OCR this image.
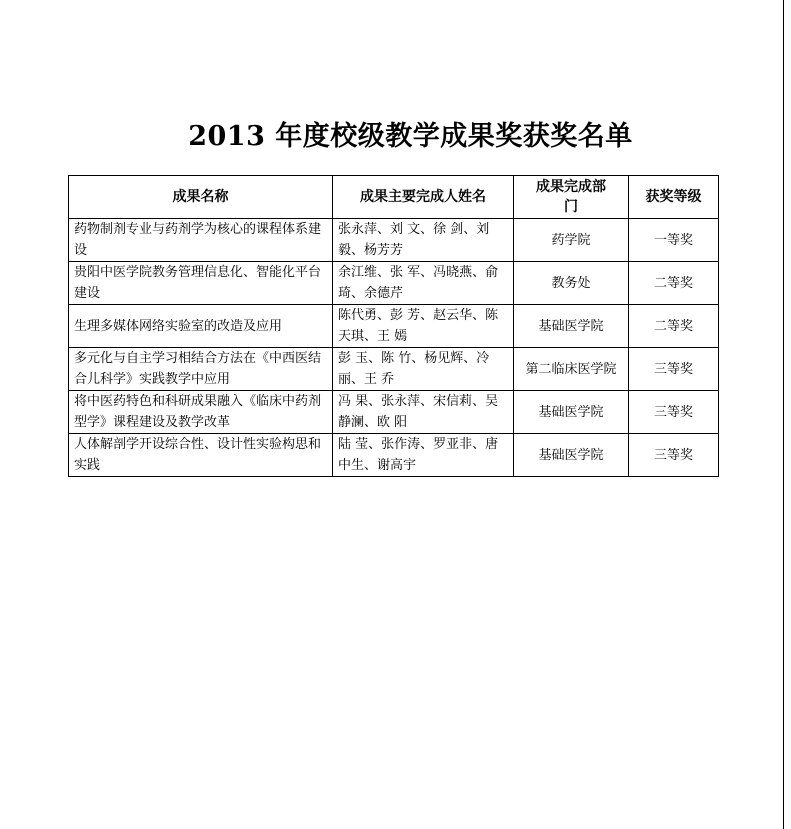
2013 年度校级教学成果奖获奖名单
成果名称	成果主要完成人姓名	成果完成部门	获奖等级
药物制剂专业与药剂学为核心的课程体系建设	张永萍、刘 文、徐 剑、刘 毅、杨芳芳	药学院	一等奖
贵阳中医学院教务管理信息化、智能化平台建设	余江维、张 军、冯晓燕、俞 琦、余德芹	教务处	二等奖
生理多媒体网络实验室的改造及应用	陈代勇、彭 芳、赵云华、陈天琪、王 嫣	基础医学院	二等奖
多元化与自主学习相结合方法在《中西医结合儿科学》实践教学中应用	彭 玉、陈 竹、杨见辉、冷 丽、王 乔	第二临床医学院	三等奖
将中医药特色和科研成果融入《临床中药剂型学》课程建设及教学改革	冯 果、张永萍、宋信莉、吴静澜、欧 阳	基础医学院	三等奖
人体解剖学开设综合性、设计性实验构思和实践	陆 莹、张作涛、罗亚非、唐中生、谢高宇	基础医学院	三等奖
